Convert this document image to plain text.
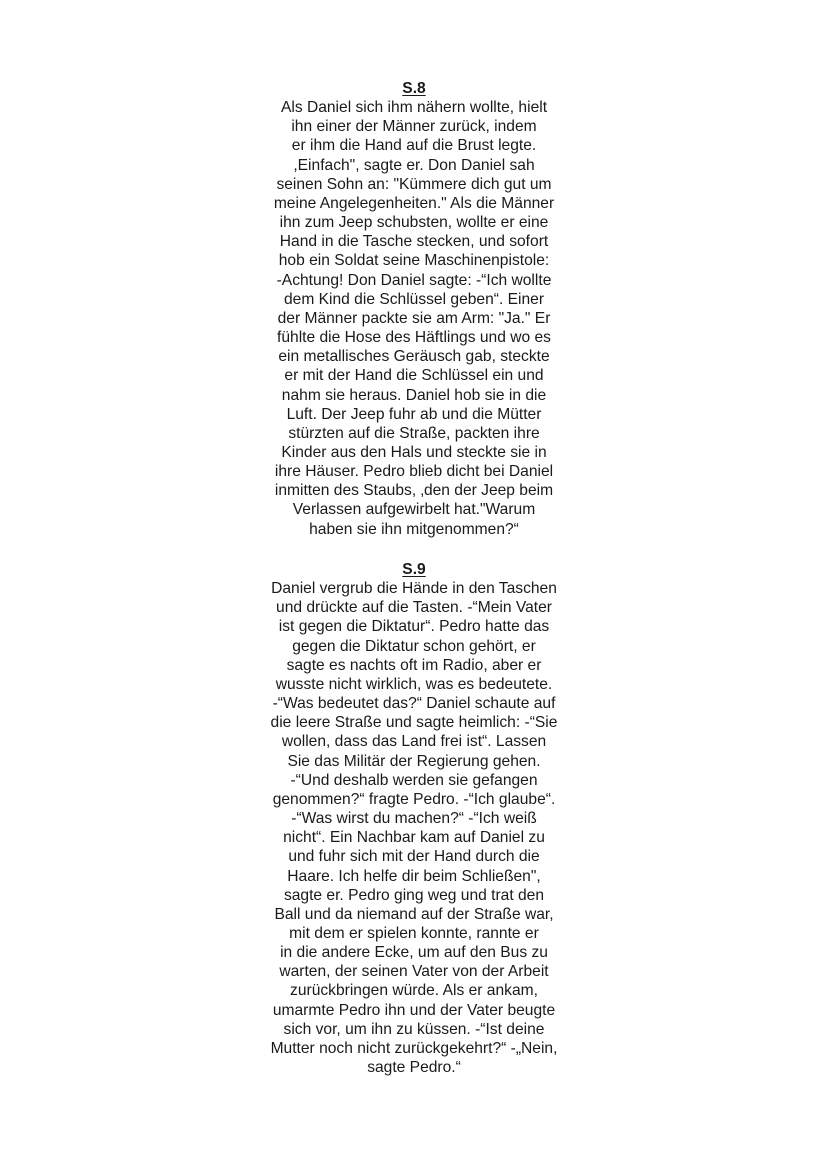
S.8
Als Daniel sich ihm nähern wollte, hielt
ihn einer der Männer zurück, indem
er ihm die Hand auf die Brust legte.
,Einfach", sagte er. Don Daniel sah
seinen Sohn an: "Kümmere dich gut um
meine Angelegenheiten." Als die Männer
ihn zum Jeep schubsten, wollte er eine
Hand in die Tasche stecken, und sofort
hob ein Soldat seine Maschinenpistole:
-Achtung! Don Daniel sagte: -“Ich wollte
dem Kind die Schlüssel geben“. Einer
der Männer packte sie am Arm: "Ja." Er
fühlte die Hose des Häftlings und wo es
ein metallisches Geräusch gab, steckte
er mit der Hand die Schlüssel ein und
nahm sie heraus. Daniel hob sie in die
Luft. Der Jeep fuhr ab und die Mütter
stürzten auf die Straße, packten ihre
Kinder aus den Hals und steckte sie in
ihre Häuser. Pedro blieb dicht bei Daniel
inmitten des Staubs, ‚den der Jeep beim
Verlassen aufgewirbelt hat."Warum
haben sie ihn mitgenommen?“
S.9
Daniel vergrub die Hände in den Taschen
und drückte auf die Tasten. -“Mein Vater
ist gegen die Diktatur“. Pedro hatte das
gegen die Diktatur schon gehört, er
sagte es nachts oft im Radio, aber er
wusste nicht wirklich, was es bedeutete.
-“Was bedeutet das?“ Daniel schaute auf
die leere Straße und sagte heimlich: -“Sie
wollen, dass das Land frei ist“. Lassen
Sie das Militär der Regierung gehen.
-“Und deshalb werden sie gefangen
genommen?“ fragte Pedro. -“Ich glaube“.
-“Was wirst du machen?“ -“Ich weiß
nicht“. Ein Nachbar kam auf Daniel zu
und fuhr sich mit der Hand durch die
Haare. Ich helfe dir beim Schließen",
sagte er. Pedro ging weg und trat den
Ball und da niemand auf der Straße war,
mit dem er spielen konnte, rannte er
in die andere Ecke, um auf den Bus zu
warten, der seinen Vater von der Arbeit
zurückbringen würde. Als er ankam,
umarmte Pedro ihn und der Vater beugte
sich vor, um ihn zu küssen. -“Ist deine
Mutter noch nicht zurückgekehrt?“ -„Nein,
sagte Pedro.“
